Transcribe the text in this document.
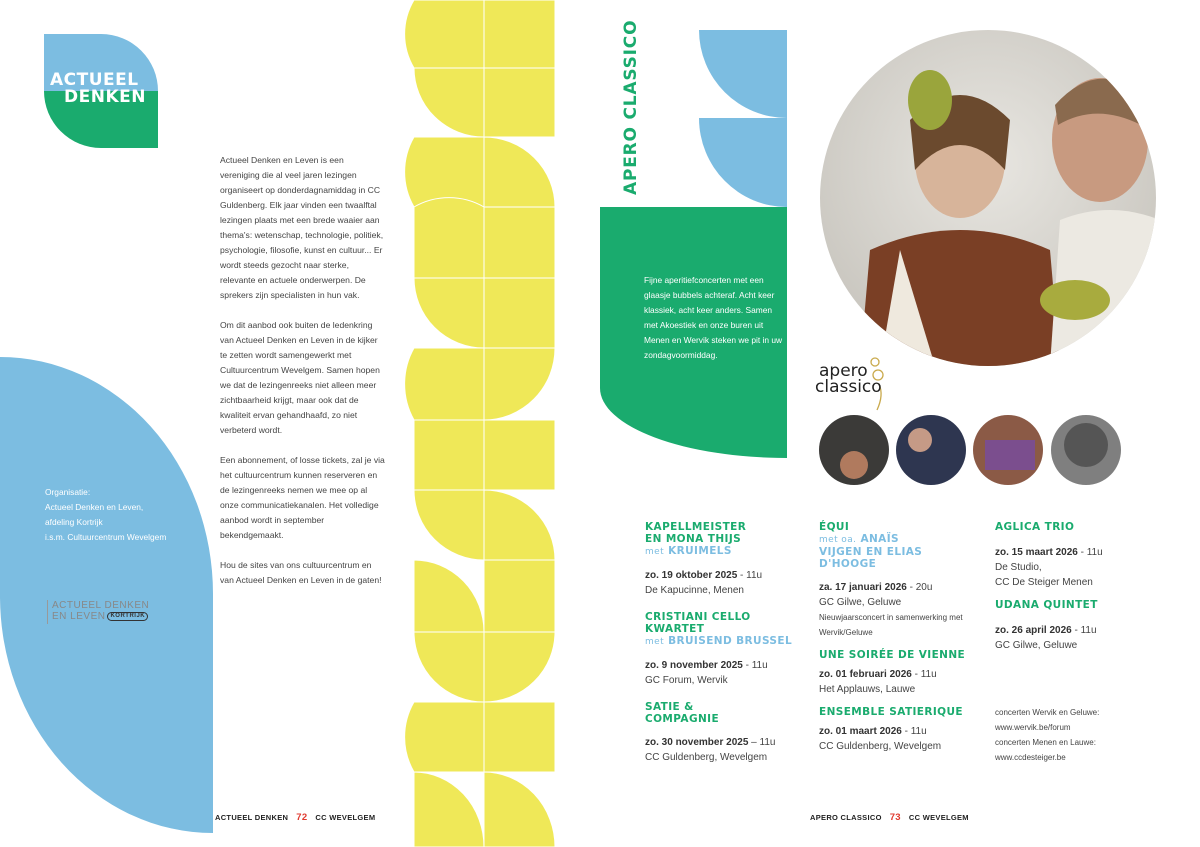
ACTUEEL
DENKEN

Actueel Denken en Leven is een vereniging die al veel jaren lezingen organiseert op donderdagnamiddag in CC Guldenberg. Elk jaar vinden een twaalftal lezingen plaats met een brede waaier aan thema's: wetenschap, technologie, politiek, psychologie, filosofie, kunst en cultuur... Er wordt steeds gezocht naar sterke, relevante en actuele onderwerpen. De sprekers zijn specialisten in hun vak.

Om dit aanbod ook buiten de ledenkring van Actueel Denken en Leven in de kijker te zetten wordt samengewerkt met Cultuurcentrum Wevelgem. Samen hopen we dat de lezingenreeks niet alleen meer zichtbaarheid krijgt, maar ook dat de kwaliteit ervan gehandhaafd, zo niet verbeterd wordt.

Een abonnement, of losse tickets, zal je via het cultuurcentrum kunnen reserveren en de lezingenreeks nemen we mee op al onze communicatiekanalen. Het volledige aanbod wordt in september bekendgemaakt.

Hou de sites van ons cultuurcentrum en van Actueel Denken en Leven in de gaten!

Organisatie:
Actueel Denken en Leven,
afdeling Kortrijk
i.s.m. Cultuurcentrum Wevelgem
ACTUEEL DENKEN
EN LEVEN KORTRIJK
ACTUEEL DENKEN 72 CC WEVELGEM
APERO CLASSICO
Fijne aperitiefconcerten met een glaasje bubbels achteraf. Acht keer klassiek, acht keer anders. Samen met Akoestiek en onze buren uit Menen en Wervik steken we pit in uw zondagvoormiddag.
apero
classico
KAPELLMEISTER EN MONA THIJS
met KRUIMELS
zo. 19 oktober 2025 - 11u
De Kapucinne, Menen
CRISTIANI CELLO KWARTET
met BRUISEND BRUSSEL
zo. 9 november 2025 - 11u
GC Forum, Wervik
SATIE & COMPAGNIE
zo. 30 november 2025 – 11u
CC Guldenberg, Wevelgem
ÉQUI
met oa. ANAÏS VIJGEN EN ELIAS D'HOOGE
za. 17 januari 2026 - 20u
GC Gilwe, Geluwe
Nieuwjaarsconcert in samenwerking met Wervik/Geluwe
UNE SOIRÉE DE VIENNE
zo. 01 februari 2026 - 11u
Het Applauws, Lauwe
ENSEMBLE SATIERIQUE
zo. 01 maart 2026 - 11u
CC Guldenberg, Wevelgem
AGLICA TRIO
zo. 15 maart 2026 - 11u
De Studio,
CC De Steiger Menen
UDANA QUINTET
zo. 26 april 2026 - 11u
GC Gilwe, Geluwe
concerten Wervik en Geluwe:
www.wervik.be/forum
concerten Menen en Lauwe:
www.ccdesteiger.be
APERO CLASSICO 73 CC WEVELGEM
